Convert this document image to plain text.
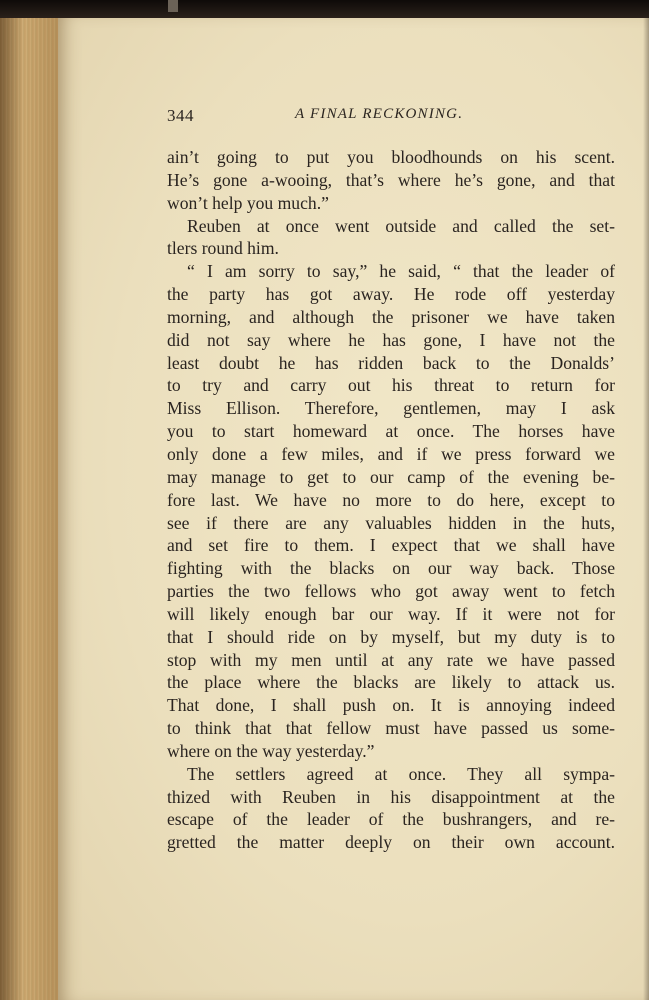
344	A FINAL RECKONING.
ain’t going to put you bloodhounds on his scent.
He’s gone a-wooing, that’s where he’s gone, and that
won’t help you much.”
Reuben at once went outside and called the set-
tlers round him.
“ I am sorry to say,” he said, “ that the leader of
the party has got away. He rode off yesterday
morning, and although the prisoner we have taken
did not say where he has gone, I have not the
least doubt he has ridden back to the Donalds’
to try and carry out his threat to return for
Miss Ellison. Therefore, gentlemen, may I ask
you to start homeward at once. The horses have
only done a few miles, and if we press forward we
may manage to get to our camp of the evening be-
fore last. We have no more to do here, except to
see if there are any valuables hidden in the huts,
and set fire to them. I expect that we shall have
fighting with the blacks on our way back. Those
parties the two fellows who got away went to fetch
will likely enough bar our way. If it were not for
that I should ride on by myself, but my duty is to
stop with my men until at any rate we have passed
the place where the blacks are likely to attack us.
That done, I shall push on. It is annoying indeed
to think that that fellow must have passed us some-
where on the way yesterday.”
The settlers agreed at once. They all sympa-
thized with Reuben in his disappointment at the
escape of the leader of the bushrangers, and re-
gretted the matter deeply on their own account.
